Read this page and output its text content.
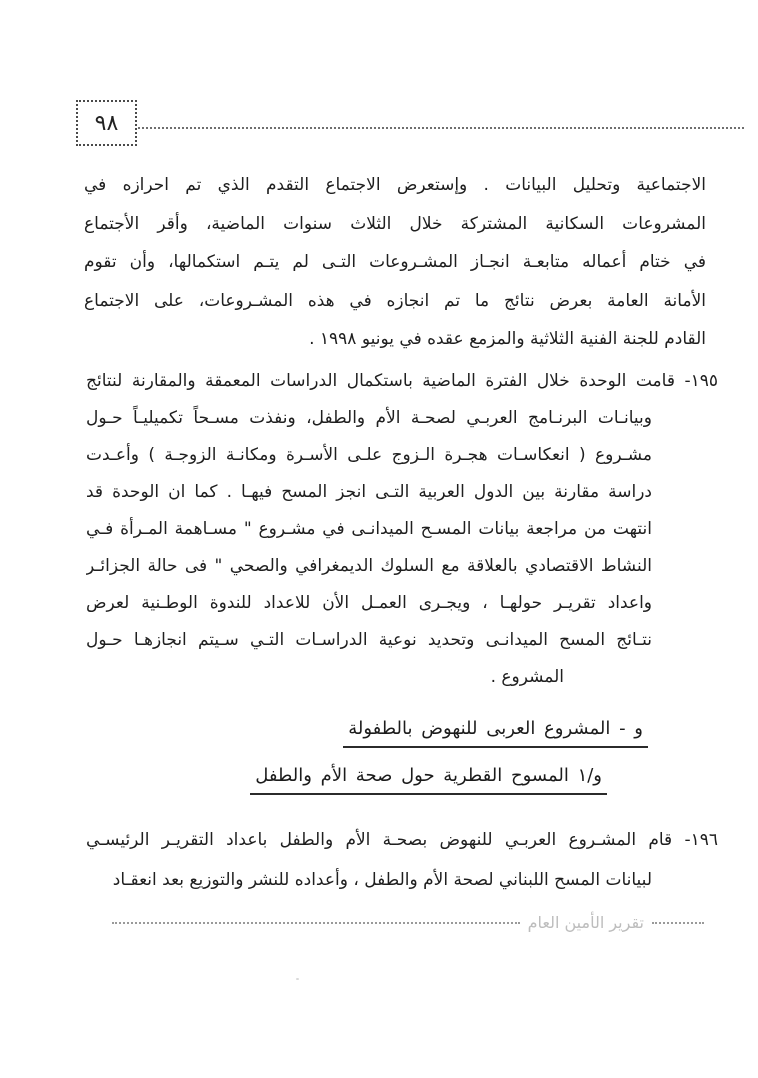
٩٨
الاجتماعية وتحليل البيانات . وإستعرض الاجتماع التقدم الذي تم احرازه في
المشروعات السكانية المشتركة خلال الثلاث سنوات الماضية، وأقر الأجتماع
في ختام أعماله متابعـة انجـاز المشـروعات التـى لم يتـم استكمالها، وأن تقوم
الأمانة العامة بعرض نتائج ما تم انجازه في هذه المشـروعات، على الاجتماع
القادم للجنة الفنية الثلاثية والمزمع عقده في يونيو ١٩٩٨ .
١٩٥- قامت الوحدة خلال الفترة الماضية باستكمال الدراسات المعمقة والمقارنة لنتائج
وبيانـات البرنـامج العربـي لصحـة الأم والطفل، ونفذت مسـحاً تكميليـاً حـول
مشـروع ( انعكاسـات هجـرة الـزوج علـى الأسـرة ومكانـة الزوجـة ) وأعـدت
دراسة مقارنة بين الدول العربية التـى انجز المسح فيهـا . كما ان الوحدة قد
انتهت من مراجعة بيانات المسـح الميدانـى في مشـروع " مسـاهمة المـرأة فـي
النشاط الاقتصادي بالعلاقة مع السلوك الديمغرافي والصحي " فى حالة الجزائـر
واعداد تقريـر حولهـا ، ويجـرى العمـل الأن للاعداد للندوة الوطـنية لعرض
نتـائج المسح الميدانـى وتحديد نوعية الدراسـات التـي سـيتم انجازهـا حـول
المشروع .
و - المشروع العربى للنهوض بالطفولة
و/١ المسوح القطرية حول صحة الأم والطفل
١٩٦- قام المشـروع العربـي للنهوض بصحـة الأم والطفل باعداد التقريـر الرئيسـي
لبيانات المسح اللبناني لصحة الأم والطفل ، وأعداده للنشر والتوزيع بعد انعقـاد
تقرير الأمين العام
